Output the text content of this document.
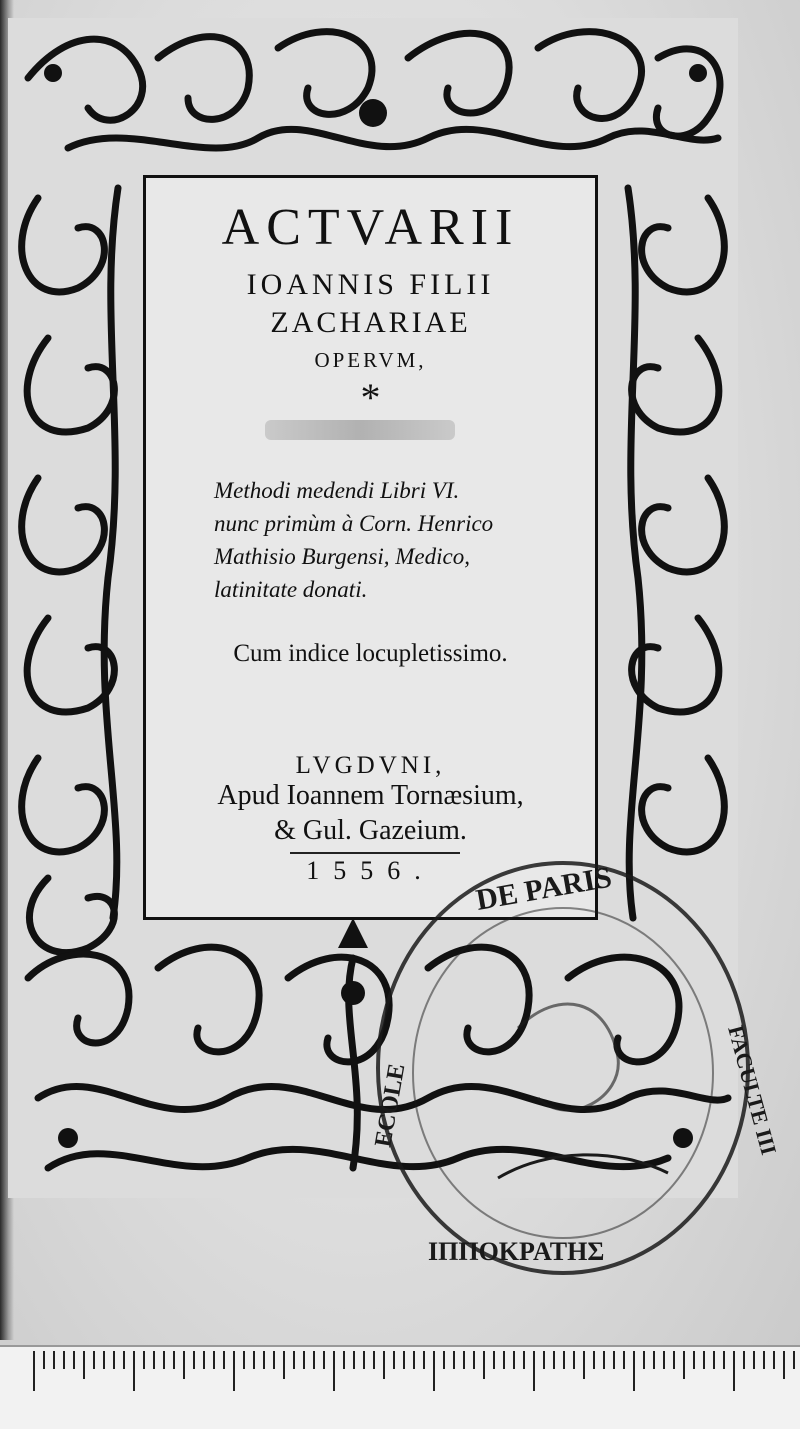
ACTVARII
IOANNIS FILII
ZACHARIAE
OPERVM,
*
Methodi medendi Libri VI.
nunc primùm à Corn. Henrico
Mathisio Burgensi, Medico,
latinitate donati.
Cum indice locupletissimo.
LVGDVNI,
Apud Ioannem Tornæsium,
& Gul. Gazeium.
1556.	DE PARIS
ECOLE	FACULTE III
IΠΠOKPATHΣ
